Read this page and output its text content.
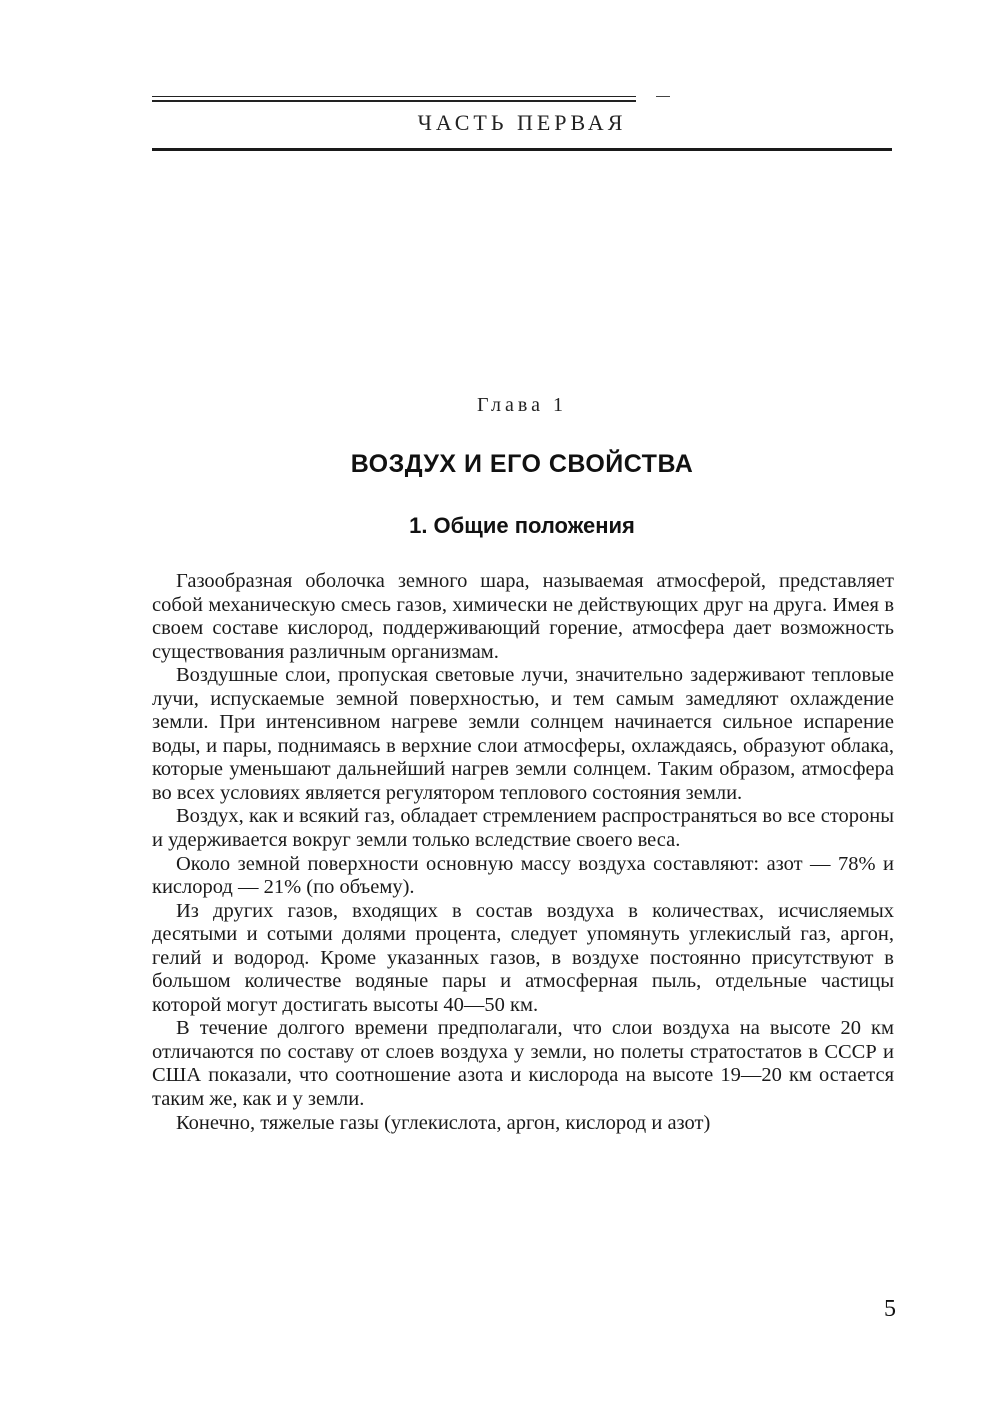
ЧАСТЬ ПЕРВАЯ
Глава 1
ВОЗДУХ И ЕГО СВОЙСТВА
1. Общие положения

Газообразная оболочка земного шара, называемая атмосферой, представляет собой механическую смесь газов, химически не действующих друг на друга. Имея в своем составе кислород, поддерживающий горение, атмосфера дает возможность существования различным организмам.

Воздушные слои, пропуская световые лучи, значительно задерживают тепловые лучи, испускаемые земной поверхностью, и тем самым замедляют охлаждение земли. При интенсивном нагреве земли солнцем начинается сильное испарение воды, и пары, поднимаясь в верхние слои атмосферы, охлаждаясь, образуют облака, которые уменьшают дальнейший нагрев земли солнцем. Таким образом, атмосфера во всех условиях является регулятором теплового состояния земли.

Воздух, как и всякий газ, обладает стремлением распространяться во все стороны и удерживается вокруг земли только вследствие своего веса.

Около земной поверхности основную массу воздуха составляют: азот — 78% и кислород — 21% (по объему).

Из других газов, входящих в состав воздуха в количествах, исчисляемых десятыми и сотыми долями процента, следует упомянуть углекислый газ, аргон, гелий и водород. Кроме указанных газов, в воздухе постоянно присутствуют в большом количестве водяные пары и атмосферная пыль, отдельные частицы которой могут достигать высоты 40—50 км.

В течение долгого времени предполагали, что слои воздуха на высоте 20 км отличаются по составу от слоев воздуха у земли, но полеты стратостатов в СССР и США показали, что соотношение азота и кислорода на высоте 19—20 км остается таким же, как и у земли.

Конечно, тяжелые газы (углекислота, аргон, кислород и азот)

5
